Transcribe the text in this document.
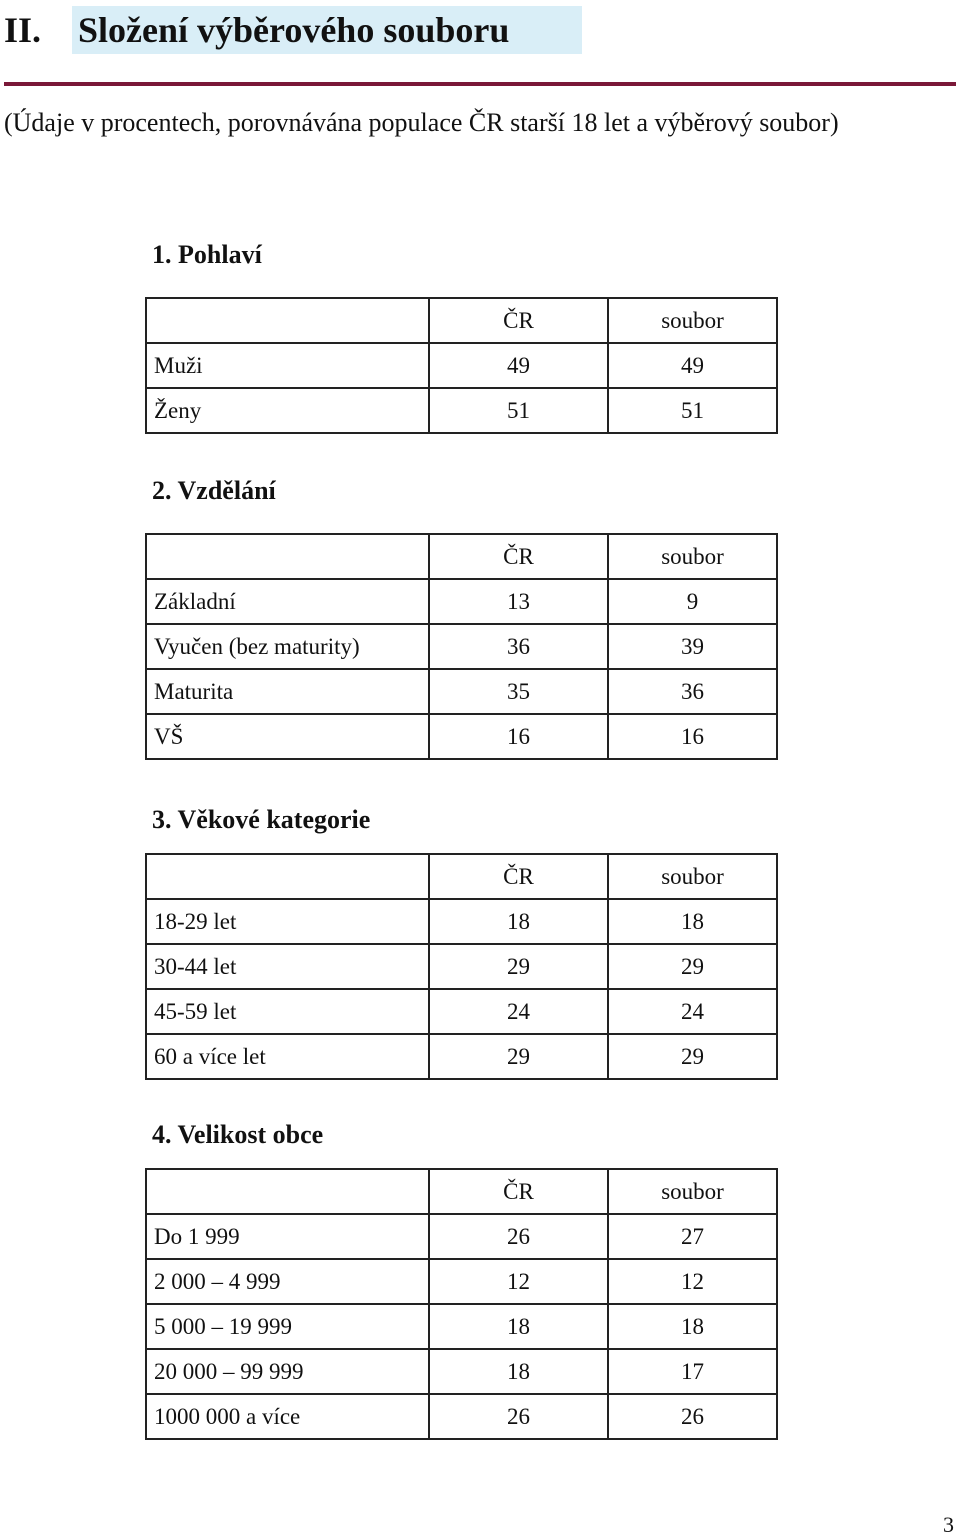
II.	Složení výběrového souboru
(Údaje v procentech, porovnávána populace ČR starší 18 let a výběrový soubor)
1. Pohlaví
	ČR	soubor
Muži	49	49
Ženy	51	51
2. Vzdělání
	ČR	soubor
Základní	13	9
Vyučen (bez maturity)	36	39
Maturita	35	36
VŠ	16	16
3. Věkové kategorie
	ČR	soubor
18-29 let	18	18
30-44 let	29	29
45-59 let	24	24
60 a více let	29	29
4. Velikost obce
	ČR	soubor
Do 1 999	26	27
2 000 – 4 999	12	12
5 000 – 19 999	18	18
20 000 – 99 999	18	17
1000 000 a více	26	26
3
